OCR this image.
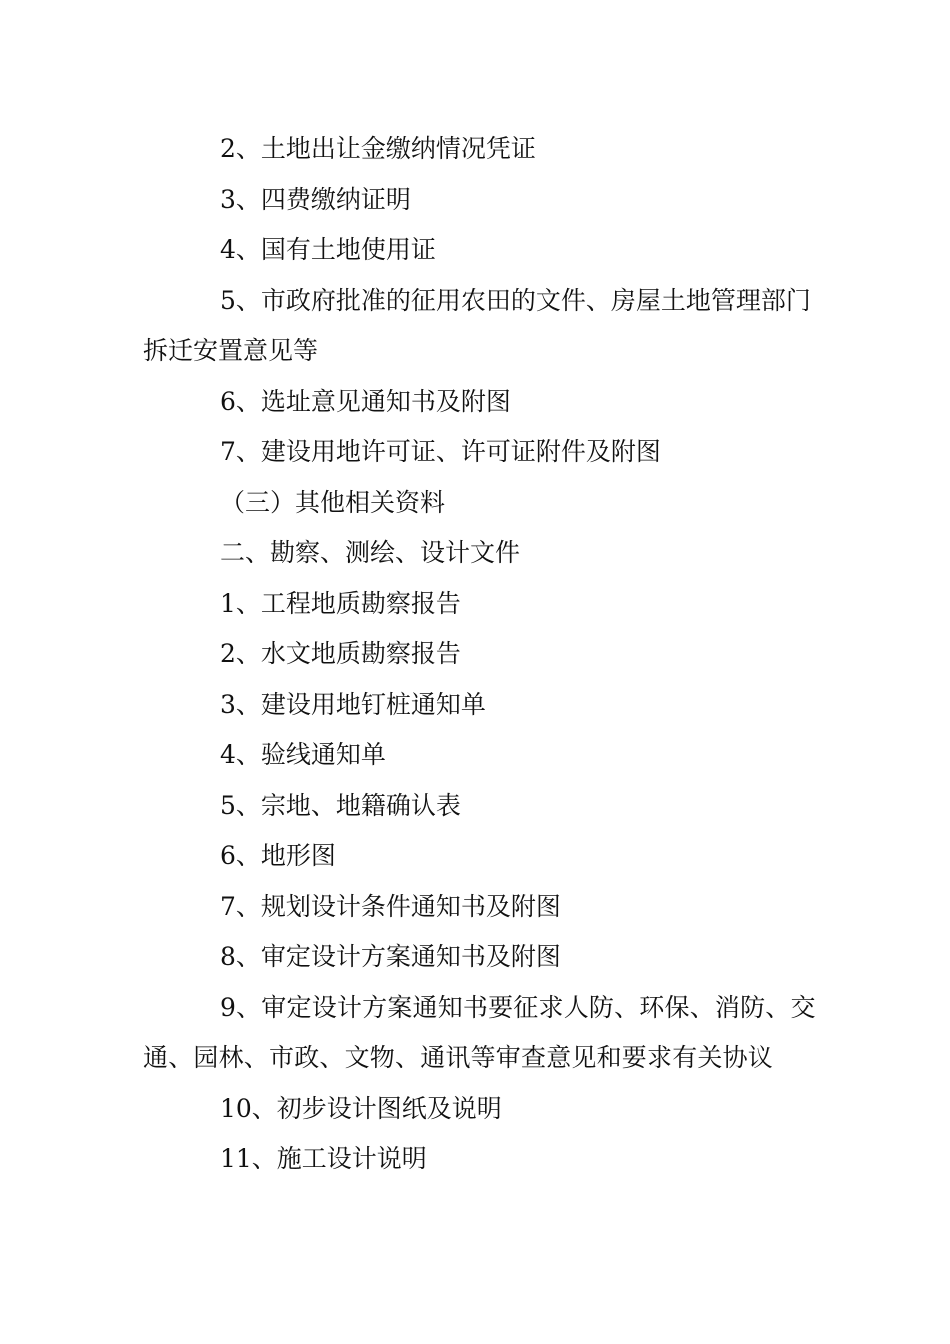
2、土地出让金缴纳情况凭证

3、四费缴纳证明

4、国有土地使用证

5、市政府批准的征用农田的文件、房屋土地管理部门拆迁安置意见等

6、选址意见通知书及附图

7、建设用地许可证、许可证附件及附图

（三）其他相关资料

二、勘察、测绘、设计文件

1、工程地质勘察报告

2、水文地质勘察报告

3、建设用地钉桩通知单

4、验线通知单

5、宗地、地籍确认表

6、地形图

7、规划设计条件通知书及附图

8、审定设计方案通知书及附图

9、审定设计方案通知书要征求人防、环保、消防、交通、园林、市政、文物、通讯等审查意见和要求有关协议

10、初步设计图纸及说明

11、施工设计说明
